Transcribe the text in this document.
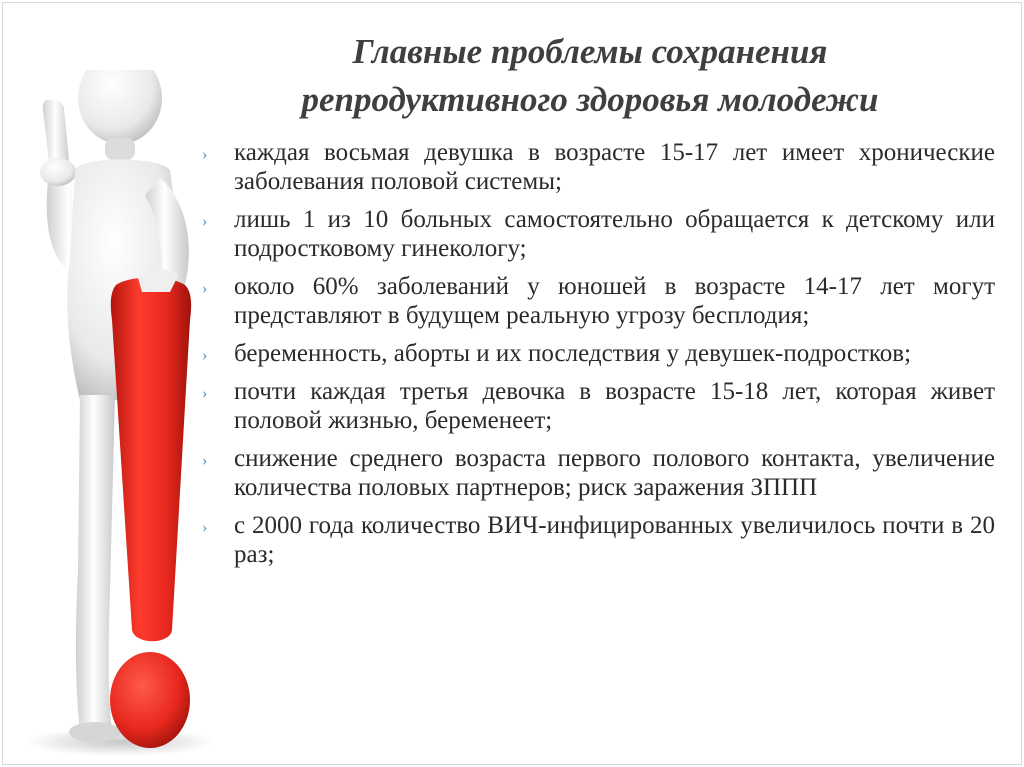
Главные проблемы сохранения
репродуктивного здоровья молодежи
› каждая восьмая девушка в возрасте 15-17 лет имеет хронические заболевания половой системы;
› лишь 1 из 10 больных самостоятельно обращается к детскому или подростковому гинекологу;
› около 60% заболеваний у юношей в возрасте 14-17 лет могут представляют в будущем реальную угрозу бесплодия;
› беременность, аборты и их последствия у девушек-подростков;
› почти каждая третья девочка в возрасте 15-18 лет, которая живет половой жизнью, беременеет;
› снижение среднего возраста первого полового контакта, увеличение количества половых партнеров; риск заражения ЗППП
› с 2000 года количество ВИЧ-инфицированных увеличилось почти в 20 раз;
